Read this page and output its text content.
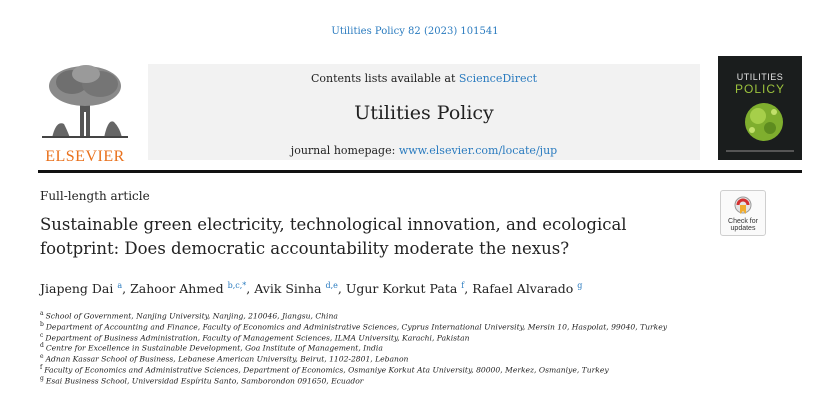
Utilities Policy 82 (2023) 101541
ELSEVIER
Contents lists available at ScienceDirect
Utilities Policy
journal homepage: www.elsevier.com/locate/jup
UTILITIES
POLICY
Full-length article
Sustainable green electricity, technological innovation, and ecological footprint: Does democratic accountability moderate the nexus?
Check for
updates
Jiapeng Dai $^a$, Zahoor Ahmed $^{b,c,*}$, Avik Sinha $^{d,e}$, Ugur Korkut Pata $^f$, Rafael Alvarado $^g$
$^a$ School of Government, Nanjing University, Nanjing, 210046, Jiangsu, China
$^b$ Department of Accounting and Finance, Faculty of Economics and Administrative Sciences, Cyprus International University, Mersin 10, Haspolat, 99040, Turkey
$^c$ Department of Business Administration, Faculty of Management Sciences, ILMA University, Karachi, Pakistan
$^d$ Centre for Excellence in Sustainable Development, Goa Institute of Management, India
$^e$ Adnan Kassar School of Business, Lebanese American University, Beirut, 1102-2801, Lebanon
$^f$ Faculty of Economics and Administrative Sciences, Department of Economics, Osmaniye Korkut Ata University, 80000, Merkez, Osmaniye, Turkey
$^g$ Esai Business School, Universidad Espíritu Santo, Samborondon 091650, Ecuador
